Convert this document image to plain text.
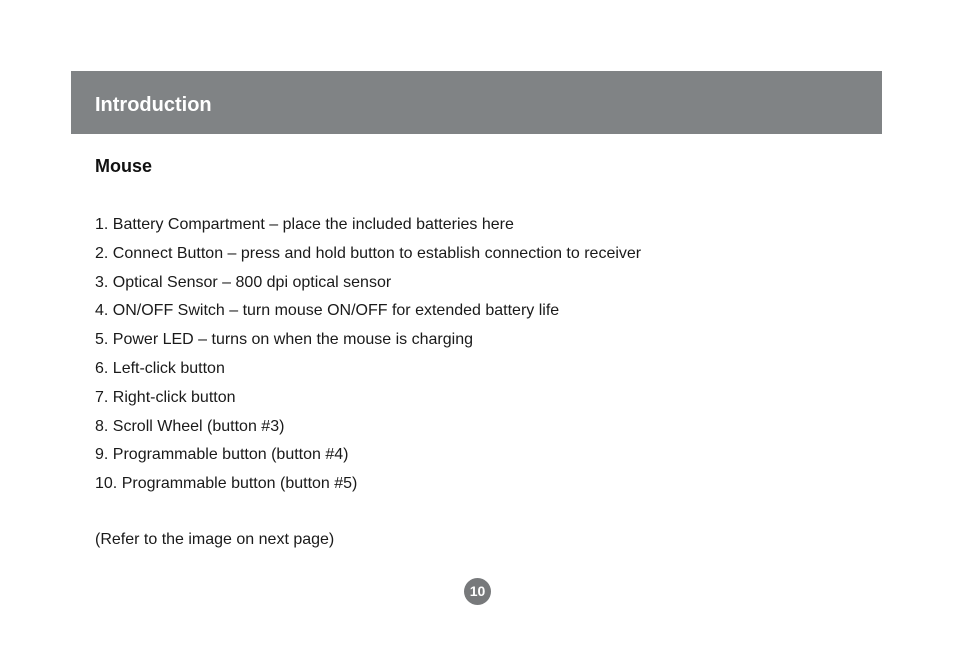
Introduction
Mouse
1. Battery Compartment – place the included batteries here
2. Connect Button – press and hold button to establish connection to receiver
3. Optical Sensor – 800 dpi optical sensor
4. ON/OFF Switch – turn mouse ON/OFF for extended battery life
5. Power LED – turns on when the mouse is charging
6. Left-click button
7. Right-click button
8. Scroll Wheel (button #3)
9. Programmable button (button #4)
10. Programmable button (button #5)
(Refer to the image on next page)
10
